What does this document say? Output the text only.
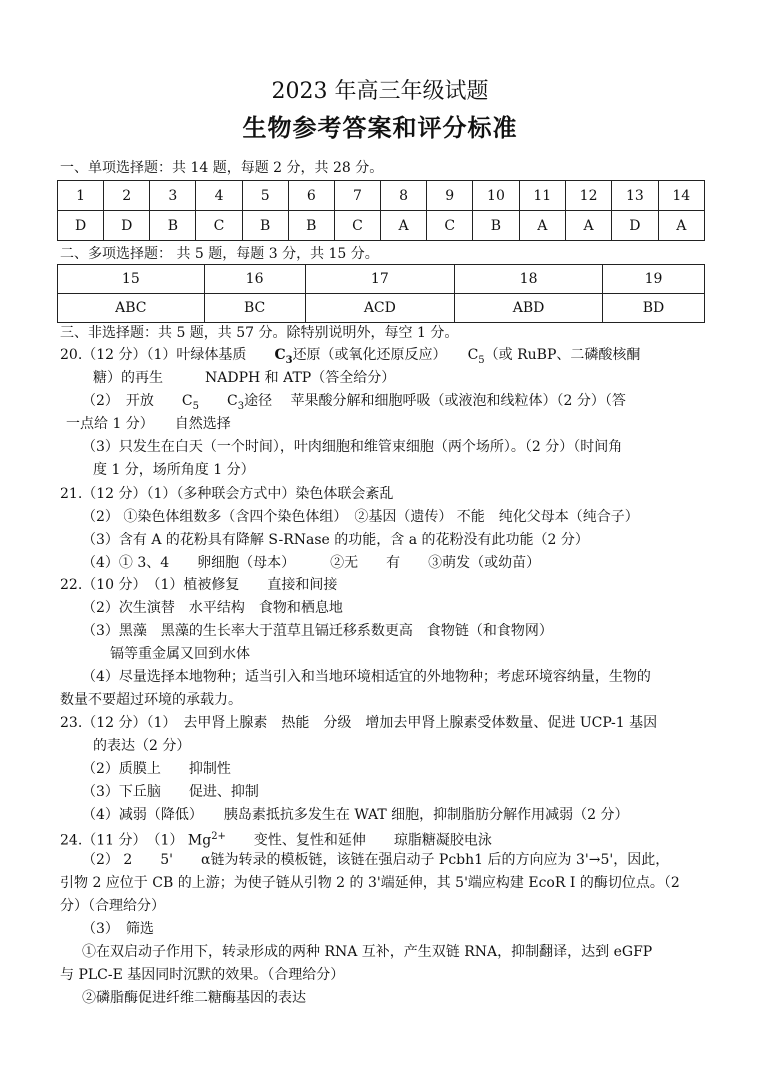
2023 年高三年级试题
生物参考答案和评分标准
一、单项选择题：共 14 题，每题 2 分，共 28 分。
1	2	3	4	5	6	7	8	9	10	11	12	13	14
D	D	B	C	B	B	C	A	C	B	A	A	D	A
二、多项选择题： 共 5 题，每题 3 分，共 15 分。
15	16	17	18	19
ABC	BC	ACD	ABD	BD
三、非选择题：共 5 题，共 57 分。除特别说明外，每空 1 分。
20.（12 分）（1）叶绿体基质　　$C_3$还原（或氧化还原反应）　　$C_5$（或 RuBP、二磷酸核酮
糖）的再生　　　NADPH 和 ATP（答全给分）
（2）　开放　　$C_5$　　 $C_3$途径　 苹果酸分解和细胞呼吸（或液泡和线粒体）（2 分）（答
一点给 1 分）　　自然选择
（3）只发生在白天（一个时间），叶肉细胞和维管束细胞（两个场所）。（2 分）（时间角
度 1 分，场所角度 1 分）
21.（12 分）（1）（多种联会方式中）染色体联会紊乱
（2） ①染色体组数多（含四个染色体组）　②基因（遗传） 不能　纯化父母本（纯合子）
（3）含有 A 的花粉具有降解 S-RNase 的功能，含 a 的花粉没有此功能（2 分）
（4）① 3、4　　卵细胞（母本）　　　②无　　有　　③萌发（或幼苗）
22.（10 分）　（1）植被修复　　直接和间接
（2）次生演替　水平结构　食物和栖息地
（3）黑藻　黑藻的生长率大于菹草且镉迁移系数更高　食物链（和食物网）
镉等重金属又回到水体
（4）尽量选择本地物种；适当引入和当地环境相适宜的外地物种；考虑环境容纳量，生物的
数量不要超过环境的承载力。
23.（12 分）（1）　去甲肾上腺素　热能　分级　增加去甲肾上腺素受体数量、促进 UCP-1 基因
的表达（2 分）
（2）质膜上　　抑制性
（3）下丘脑　　促进、抑制
（4）减弱（降低）　　胰岛素抵抗多发生在 WAT 细胞，抑制脂肪分解作用减弱（2 分）
24.（11 分）　（1） $Mg^{2+}$　　变性、复性和延伸　　琼脂糖凝胶电泳
（2） 2　　5'　　α链为转录的模板链，该链在强启动子 Pcbh1 后的方向应为 3'→5'，因此，
引物 2 应位于 CB 的上游；为使子链从引物 2 的 3'端延伸，其 5'端应构建 EcoR I 的酶切位点。（2
分）（合理给分）
（3）　筛选
①在双启动子作用下，转录形成的两种 RNA 互补，产生双链 RNA，抑制翻译，达到 eGFP
与 PLC-E 基因同时沉默的效果。（合理给分）
②磷脂酶促进纤维二糖酶基因的表达
